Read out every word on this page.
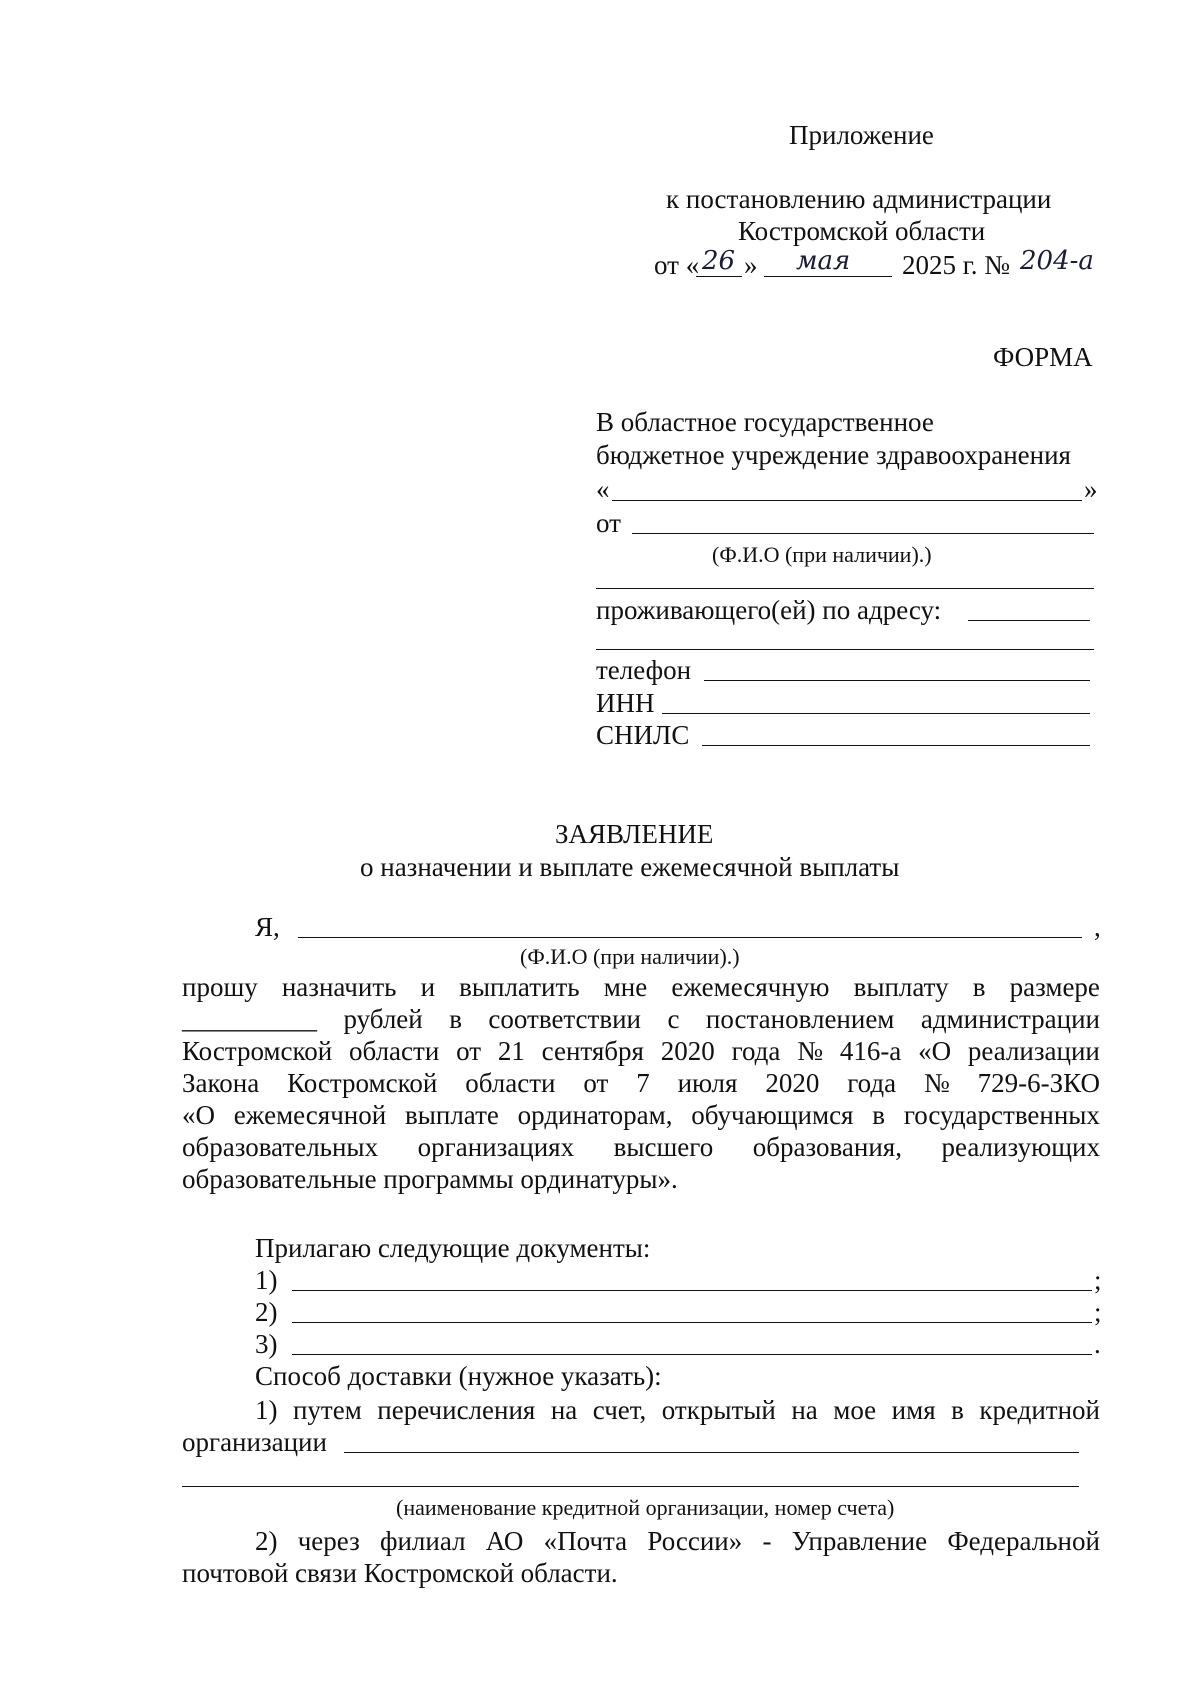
Приложение
к постановлению администрации
Костромской области
от « 26 » мая 2025 г. № 204-а
ФОРМА
В областное государственное
бюджетное учреждение здравоохранения
«	»
от
(Ф.И.О (при наличии).)
проживающего(ей) по адресу:
телефон
ИНН
СНИЛС
ЗАЯВЛЕНИЕ
о назначении и выплате ежемесячной выплаты
Я,	,
(Ф.И.О (при наличии).)
прошу назначить и выплатить мне ежемесячную выплату в размере
__________ рублей в соответствии с постановлением администрации
Костромской области от 21 сентября 2020 года № 416-а «О реализации
Закона Костромской области от 7 июля 2020 года № 729-6-ЗКО
«О ежемесячной выплате ординаторам, обучающимся в государственных
образовательных организациях высшего образования, реализующих
образовательные программы ординатуры».
Прилагаю следующие документы:
1)	;
2)	;
3)	.
Способ доставки (нужное указать):
1) путем перечисления на счет, открытый на мое имя в кредитной
организации
(наименование кредитной организации, номер счета)
2) через филиал АО «Почта России» - Управление Федеральной
почтовой связи Костромской области.
